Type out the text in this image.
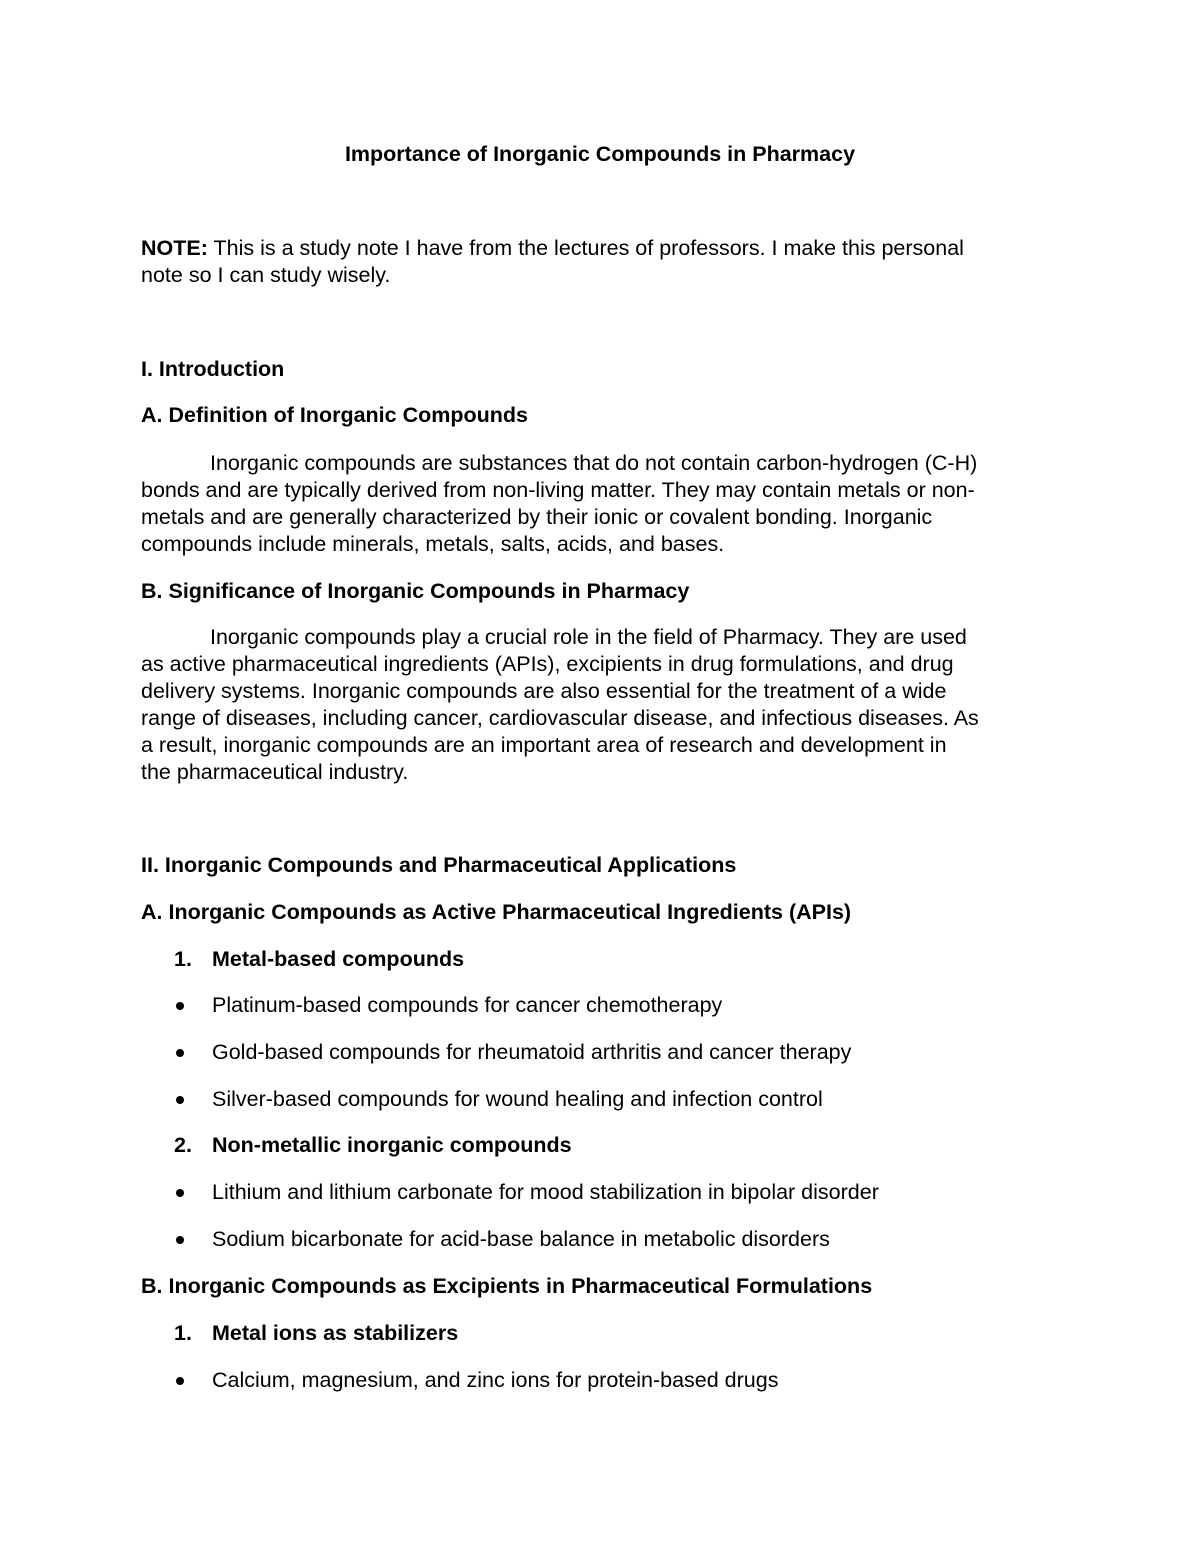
Importance of Inorganic Compounds in Pharmacy
NOTE: This is a study note I have from the lectures of professors. I make this personal
note so I can study wisely.
I. Introduction
A. Definition of Inorganic Compounds
Inorganic compounds are substances that do not contain carbon-hydrogen (C-H)
bonds and are typically derived from non-living matter. They may contain metals or non-
metals and are generally characterized by their ionic or covalent bonding. Inorganic
compounds include minerals, metals, salts, acids, and bases.
B. Significance of Inorganic Compounds in Pharmacy
Inorganic compounds play a crucial role in the field of Pharmacy. They are used
as active pharmaceutical ingredients (APIs), excipients in drug formulations, and drug
delivery systems. Inorganic compounds are also essential for the treatment of a wide
range of diseases, including cancer, cardiovascular disease, and infectious diseases. As
a result, inorganic compounds are an important area of research and development in
the pharmaceutical industry.
II. Inorganic Compounds and Pharmaceutical Applications
A. Inorganic Compounds as Active Pharmaceutical Ingredients (APIs)
1. Metal-based compounds
Platinum-based compounds for cancer chemotherapy
Gold-based compounds for rheumatoid arthritis and cancer therapy
Silver-based compounds for wound healing and infection control
2. Non-metallic inorganic compounds
Lithium and lithium carbonate for mood stabilization in bipolar disorder
Sodium bicarbonate for acid-base balance in metabolic disorders
B. Inorganic Compounds as Excipients in Pharmaceutical Formulations
1. Metal ions as stabilizers
Calcium, magnesium, and zinc ions for protein-based drugs
